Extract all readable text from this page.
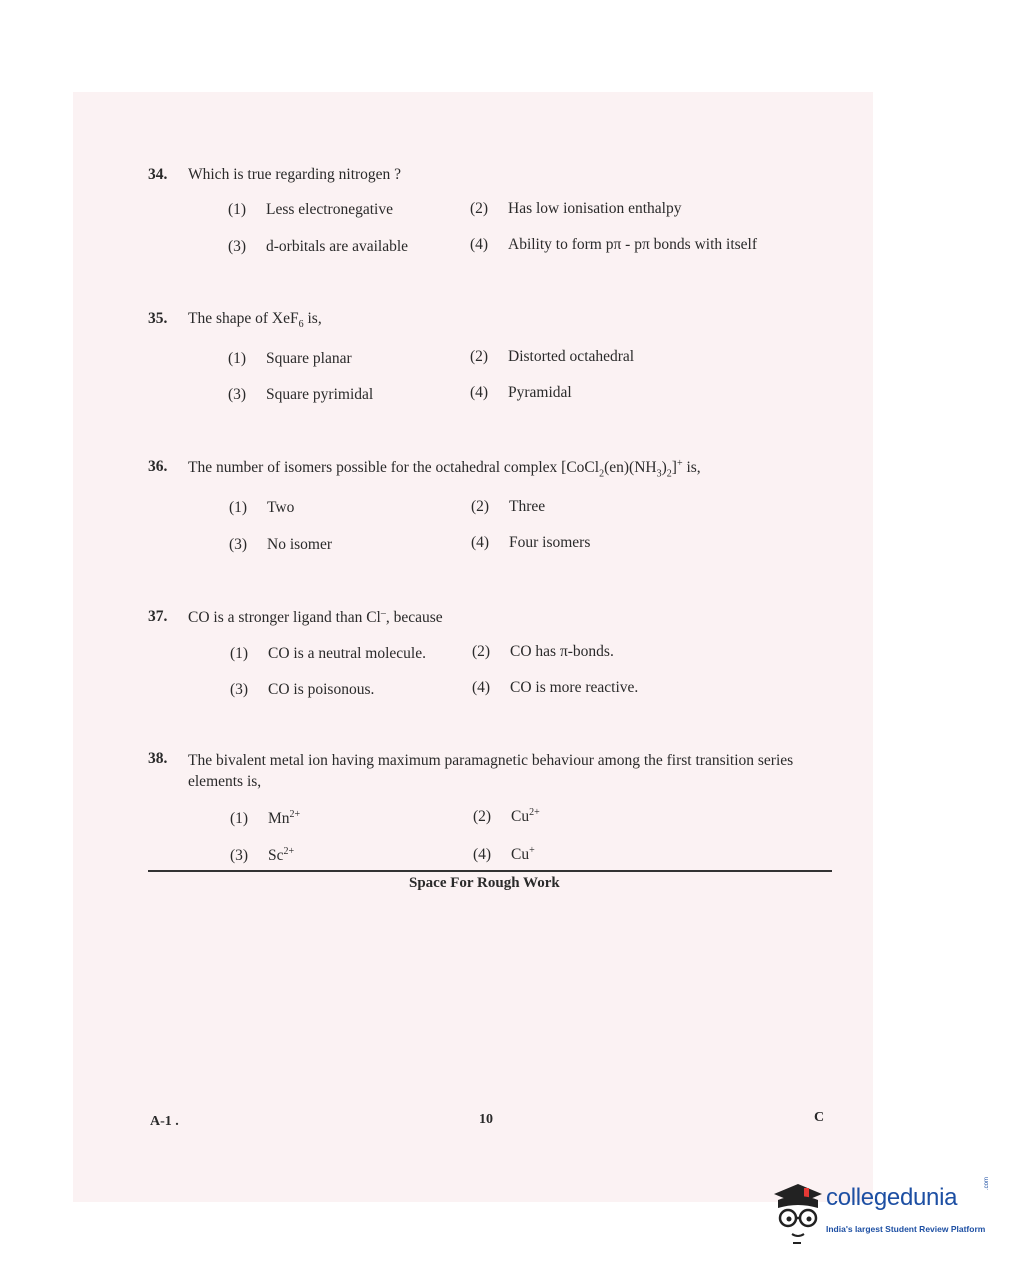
34. Which is true regarding nitrogen ?
(1) Less electronegative	(2) Has low ionisation enthalpy
(3) d-orbitals are available	(4) Ability to form pπ - pπ bonds with itself
35. The shape of XeF$_6$ is,
(1) Square planar	(2) Distorted octahedral
(3) Square pyrimidal	(4) Pyramidal
36. The number of isomers possible for the octahedral complex $[CoCl_2(en)(NH_3)_2]^+$ is,
(1) Two	(2) Three
(3) No isomer	(4) Four isomers
37. CO is a stronger ligand than Cl–, because
(1) CO is a neutral molecule.	(2) CO has π-bonds.
(3) CO is poisonous.	(4) CO is more reactive.
38. The bivalent metal ion having maximum paramagnetic behaviour among the first transition series elements is,
(1) $Mn^{2+}$	(2) $Cu^{2+}$
(3) $Sc^{2+}$	(4) Cu+
Space For Rough Work
A-1 .	10	C
collegedunia
.com
India's largest Student Review Platform
